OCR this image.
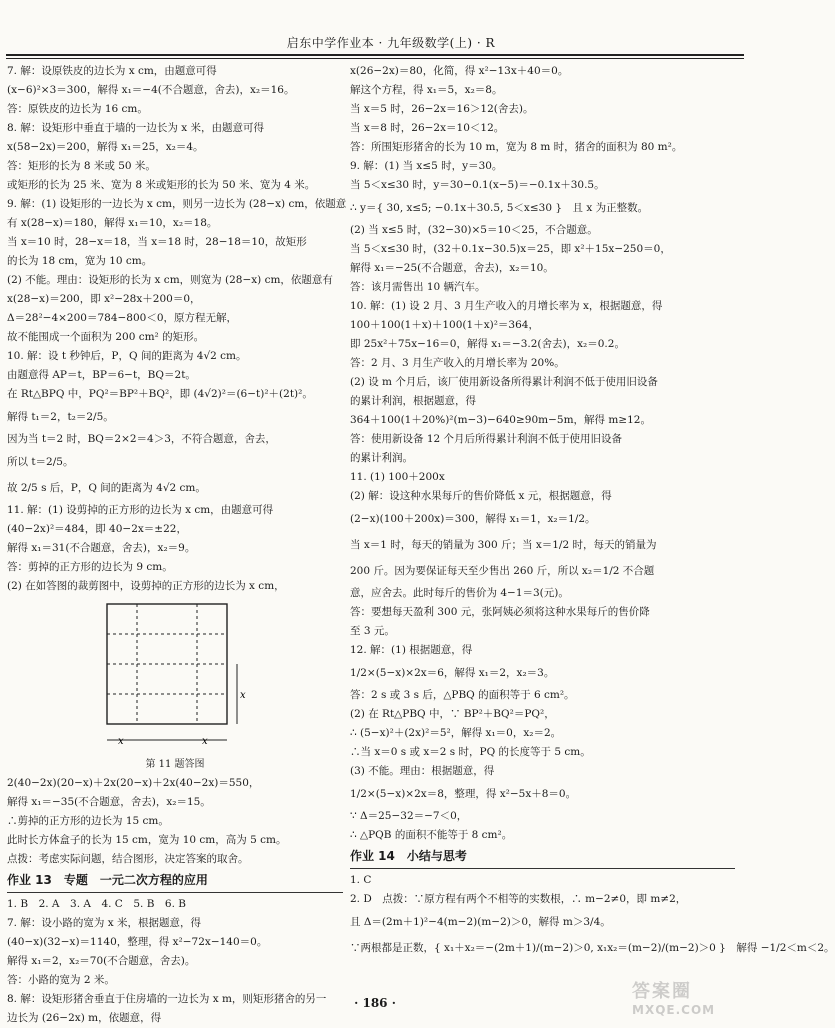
启东中学作业本 · 九年级数学(上) · R
7. 解：设原铁皮的边长为 x cm，由题意可得
(x−6)²×3＝300，解得 x₁＝−4(不合题意，舍去)，x₂＝16。
答：原铁皮的边长为 16 cm。
8. 解：设矩形中垂直于墙的一边长为 x 米，由题意可得
x(58−2x)＝200，解得 x₁＝25，x₂＝4。
答：矩形的长为 8 米或 50 米。
或矩形的长为 25 米、宽为 8 米或矩形的长为 50 米、宽为 4 米。
9. 解：(1) 设矩形的一边长为 x cm，则另一边长为 (28−x) cm，依题意
有 x(28−x)＝180，解得 x₁＝10，x₂＝18。
当 x＝10 时，28−x＝18，当 x＝18 时，28−18＝10，故矩形
的长为 18 cm，宽为 10 cm。
(2) 不能。理由：设矩形的长为 x cm，则宽为 (28−x) cm，依题意有
x(28−x)＝200，即 x²−28x＋200＝0，
Δ＝28²−4×200＝784−800＜0，原方程无解，
故不能围成一个面积为 200 cm² 的矩形。
10. 解：设 t 秒钟后，P，Q 间的距离为 4√2 cm。
由题意得 AP＝t，BP＝6−t，BQ＝2t。
在 Rt△BPQ 中，PQ²＝BP²＋BQ²，即 (4√2)²＝(6−t)²＋(2t)²。
解得 t₁＝2，t₂＝2/5。
因为当 t＝2 时，BQ＝2×2＝4＞3，不符合题意，舍去，
所以 t＝2/5。
故 2/5 s 后，P，Q 间的距离为 4√2 cm。
11. 解：(1) 设剪掉的正方形的边长为 x cm，由题意可得
(40−2x)²＝484，即 40−2x＝±22，
解得 x₁＝31(不合题意，舍去)，x₂＝9。
答：剪掉的正方形的边长为 9 cm。
(2) 在如答图的裁剪图中，设剪掉的正方形的边长为 x cm，
x
x	x
第 11 题答图
2(40−2x)(20−x)＋2x(20−x)＋2x(40−2x)＝550，
解得 x₁＝−35(不合题意，舍去)，x₂＝15。
∴剪掉的正方形的边长为 15 cm。
此时长方体盒子的长为 15 cm，宽为 10 cm，高为 5 cm。
点拨：考虑实际问题，结合图形，决定答案的取舍。
作业 13　专题　一元二次方程的应用
1. B　2. A　3. A　4. C　5. B　6. B
7. 解：设小路的宽为 x 米，根据题意，得
(40−x)(32−x)＝1140，整理，得 x²−72x−140＝0。
解得 x₁＝2，x₂＝70(不合题意，舍去)。
答：小路的宽为 2 米。
8. 解：设矩形猪舍垂直于住房墙的一边长为 x m，则矩形猪舍的另一
边长为 (26−2x) m，依题意，得
x(26−2x)＝80，化简，得 x²−13x＋40＝0。
解这个方程，得 x₁＝5，x₂＝8。
当 x＝5 时，26−2x＝16＞12(舍去)。
当 x＝8 时，26−2x＝10＜12。
答：所围矩形猪舍的长为 10 m，宽为 8 m 时，猪舍的面积为 80 m²。
9. 解：(1) 当 x≤5 时，y＝30。
当 5＜x≤30 时，y＝30−0.1(x−5)＝−0.1x＋30.5。
∴ y＝{ 30, x≤5; −0.1x＋30.5, 5＜x≤30 }　且 x 为正整数。
(2) 当 x≤5 时，(32−30)×5＝10＜25，不合题意。
当 5＜x≤30 时，(32＋0.1x−30.5)x＝25，即 x²＋15x−250＝0，
解得 x₁＝−25(不合题意，舍去)，x₂＝10。
答：该月需售出 10 辆汽车。
10. 解：(1) 设 2 月、3 月生产收入的月增长率为 x，根据题意，得
100＋100(1＋x)＋100(1＋x)²＝364，
即 25x²＋75x−16＝0，解得 x₁＝−3.2(舍去)，x₂＝0.2。
答：2 月、3 月生产收入的月增长率为 20%。
(2) 设 m 个月后，该厂使用新设备所得累计利润不低于使用旧设备
的累计利润，根据题意，得
364＋100(1＋20%)²(m−3)−640≥90m−5m，解得 m≥12。
答：使用新设备 12 个月后所得累计利润不低于使用旧设备
的累计利润。
11. (1) 100＋200x
(2) 解：设这种水果每斤的售价降低 x 元，根据题意，得
(2−x)(100＋200x)＝300，解得 x₁＝1，x₂＝1/2。
当 x＝1 时，每天的销量为 300 斤；当 x＝1/2 时，每天的销量为
200 斤。因为要保证每天至少售出 260 斤，所以 x₂＝1/2 不合题
意，应舍去。此时每斤的售价为 4−1＝3(元)。
答：要想每天盈利 300 元，张阿姨必须将这种水果每斤的售价降
至 3 元。
12. 解：(1) 根据题意，得
1/2×(5−x)×2x＝6，解得 x₁＝2，x₂＝3。
答：2 s 或 3 s 后，△PBQ 的面积等于 6 cm²。
(2) 在 Rt△PBQ 中，∵ BP²＋BQ²＝PQ²，
∴ (5−x)²＋(2x)²＝5²，解得 x₁＝0，x₂＝2。
∴当 x＝0 s 或 x＝2 s 时，PQ 的长度等于 5 cm。
(3) 不能。理由：根据题意，得
1/2×(5−x)×2x＝8，整理，得 x²−5x＋8＝0。
∵ Δ＝25−32＝−7＜0，
∴ △PQB 的面积不能等于 8 cm²。
作业 14　小结与思考
1. C
2. D　点拨：∵原方程有两个不相等的实数根，∴ m−2≠0，即 m≠2，
且 Δ＝(2m＋1)²−4(m−2)(m−2)＞0，解得 m＞3/4。
∵两根都是正数，{ x₁＋x₂＝−(2m＋1)/(m−2)＞0, x₁x₂＝(m−2)/(m−2)＞0 }　解得 −1/2＜m＜2。
· 186 ·
答案圈
MXQE.COM
